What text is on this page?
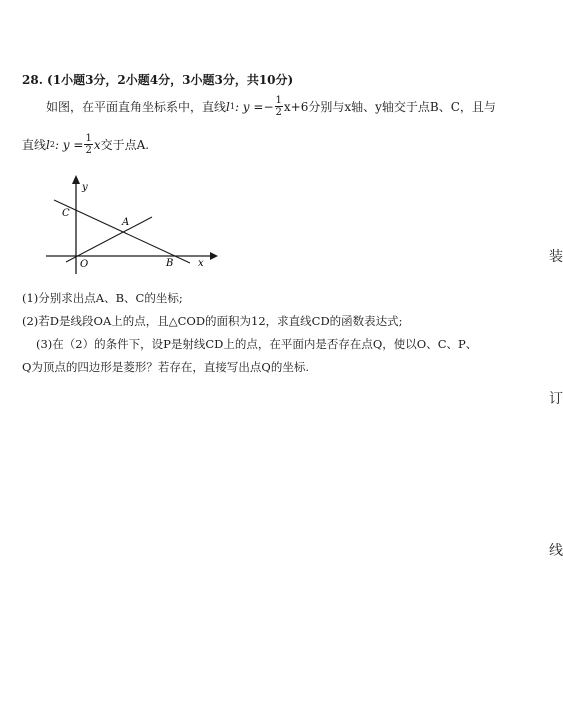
28. (1小题3分，2小题4分，3小题3分，共10分)
如图，在平面直角坐标系中，直线 l 1 : $y =- \frac{1}{2} x+6$ 分别与x轴、y轴交于点B、C，且与
直线 l 2 : $y = \frac{1}{2}$ x 交于点A.
y
x
O
A
B
C
(1)分别求出点A、B、C的坐标;
(2)若D是线段OA上的点，且△COD的面积为12，求直线CD的函数表达式;
(3)在（2）的条件下，设P是射线CD上的点，在平面内是否存在点Q，使以O、C、P、
Q为顶点的四边形是菱形？若存在，直接写出点Q的坐标.
装
订
线
